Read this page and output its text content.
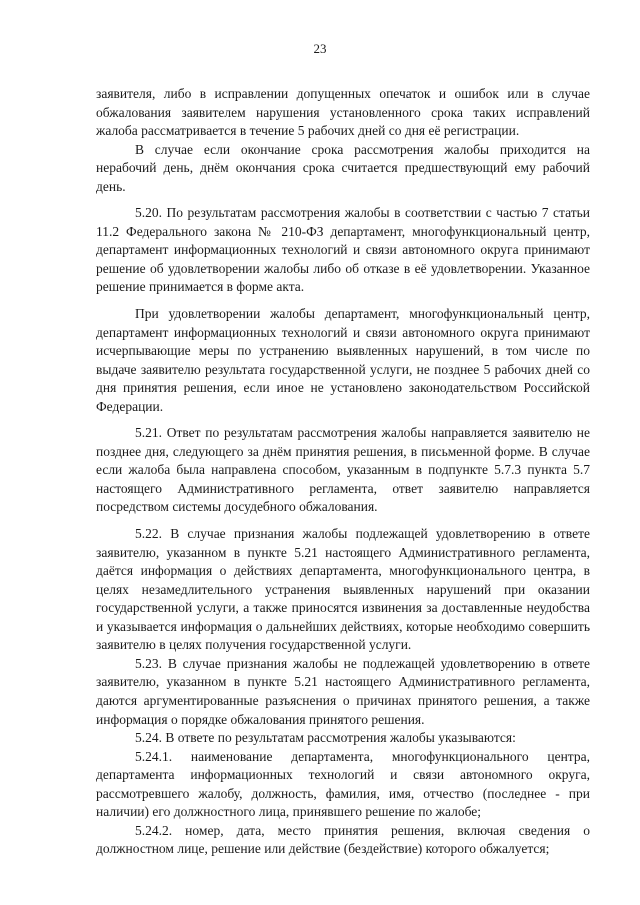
23

заявителя, либо в исправлении допущенных опечаток и ошибок или в случае обжалования заявителем нарушения установленного срока таких исправлений жалоба рассматривается в течение 5 рабочих дней со дня её регистрации.

В случае если окончание срока рассмотрения жалобы приходится на нерабочий день, днём окончания срока считается предшествующий ему рабочий день.

5.20. По результатам рассмотрения жалобы в соответствии с частью 7 статьи 11.2 Федерального закона № 210-ФЗ департамент, многофункциональный центр, департамент информационных технологий и связи автономного округа принимают решение об удовлетворении жалобы либо об отказе в её удовлетворении. Указанное решение принимается в форме акта.

При удовлетворении жалобы департамент, многофункциональный центр, департамент информационных технологий и связи автономного округа принимают исчерпывающие меры по устранению выявленных нарушений, в том числе по выдаче заявителю результата государственной услуги, не позднее 5 рабочих дней со дня принятия решения, если иное не установлено законодательством Российской Федерации.

5.21. Ответ по результатам рассмотрения жалобы направляется заявителю не позднее дня, следующего за днём принятия решения, в письменной форме. В случае если жалоба была направлена способом, указанным в подпункте 5.7.3 пункта 5.7 настоящего Административного регламента, ответ заявителю направляется посредством системы досудебного обжалования.

5.22. В случае признания жалобы подлежащей удовлетворению в ответе заявителю, указанном в пункте 5.21 настоящего Административного регламента, даётся информация о действиях департамента, многофункционального центра, в целях незамедлительного устранения выявленных нарушений при оказании государственной услуги, а также приносятся извинения за доставленные неудобства и указывается информация о дальнейших действиях, которые необходимо совершить заявителю в целях получения государственной услуги.

5.23. В случае признания жалобы не подлежащей удовлетворению в ответе заявителю, указанном в пункте 5.21 настоящего Административного регламента, даются аргументированные разъяснения о причинах принятого решения, а также информация о порядке обжалования принятого решения.

5.24. В ответе по результатам рассмотрения жалобы указываются:

5.24.1. наименование департамента, многофункционального центра, департамента информационных технологий и связи автономного округа, рассмотревшего жалобу, должность, фамилия, имя, отчество (последнее - при наличии) его должностного лица, принявшего решение по жалобе;

5.24.2. номер, дата, место принятия решения, включая сведения о должностном лице, решение или действие (бездействие) которого обжалуется;
